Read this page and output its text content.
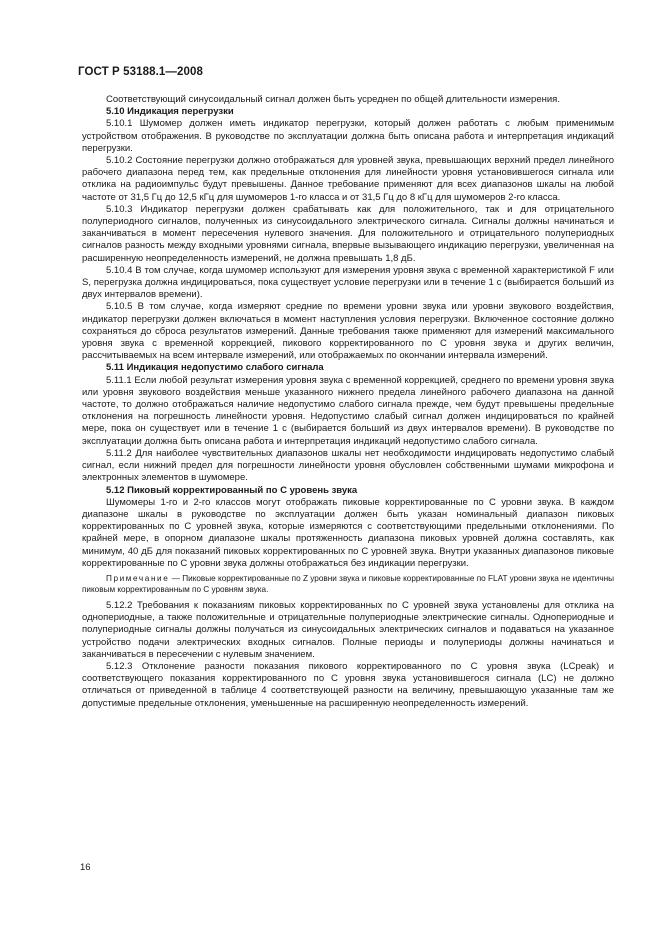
ГОСТ Р 53188.1—2008

Соответствующий синусоидальный сигнал должен быть усреднен по общей длительности измерения.

5.10 Индикация перегрузки

5.10.1 Шумомер должен иметь индикатор перегрузки, который должен работать с любым применимым устройством отображения. В руководстве по эксплуатации должна быть описана работа и интерпретация индикаций перегрузки.

5.10.2 Состояние перегрузки должно отображаться для уровней звука, превышающих верхний предел линейного рабочего диапазона перед тем, как предельные отклонения для линейности уровня установившегося сигнала или отклика на радиоимпульс будут превышены. Данное требование применяют для всех диапазонов шкалы на любой частоте от 31,5 Гц до 12,5 кГц для шумомеров 1-го класса и от 31,5 Гц до 8 кГц для шумомеров 2-го класса.

5.10.3 Индикатор перегрузки должен срабатывать как для положительного, так и для отрицательного полупериодного сигналов, полученных из синусоидального электрического сигнала. Сигналы должны начинаться и заканчиваться в момент пересечения нулевого значения. Для положительного и отрицательного полупериодных сигналов разность между входными уровнями сигнала, впервые вызывающего индикацию перегрузки, увеличенная на расширенную неопределенность измерений, не должна превышать 1,8 дБ.

5.10.4 В том случае, когда шумомер используют для измерения уровня звука с временной характеристикой F или S, перегрузка должна индицироваться, пока существует условие перегрузки или в течение 1 с (выбирается больший из двух интервалов времени).

5.10.5 В том случае, когда измеряют средние по времени уровни звука или уровни звукового воздействия, индикатор перегрузки должен включаться в момент наступления условия перегрузки. Включенное состояние должно сохраняться до сброса результатов измерений. Данные требования также применяют для измерений максимального уровня звука с временной коррекцией, пикового корректированного по C уровня звука и других величин, рассчитываемых на всем интервале измерений, или отображаемых по окончании интервала измерений.

5.11 Индикация недопустимо слабого сигнала

5.11.1 Если любой результат измерения уровня звука с временной коррекцией, среднего по времени уровня звука или уровня звукового воздействия меньше указанного нижнего предела линейного рабочего диапазона на данной частоте, то должно отображаться наличие недопустимо слабого сигнала прежде, чем будут превышены предельные отклонения на погрешность линейности уровня. Недопустимо слабый сигнал должен индицироваться по крайней мере, пока он существует или в течение 1 с (выбирается больший из двух интервалов времени). В руководстве по эксплуатации должна быть описана работа и интерпретация индикаций недопустимо слабого сигнала.

5.11.2 Для наиболее чувствительных диапазонов шкалы нет необходимости индицировать недопустимо слабый сигнал, если нижний предел для погрешности линейности уровня обусловлен собственными шумами микрофона и электронных элементов в шумомере.

5.12 Пиковый корректированный по C уровень звука

Шумомеры 1-го и 2-го классов могут отображать пиковые корректированные по C уровни звука. В каждом диапазоне шкалы в руководстве по эксплуатации должен быть указан номинальный диапазон пиковых корректированных по C уровней звука, которые измеряются с соответствующими предельными отклонениями. По крайней мере, в опорном диапазоне шкалы протяженность диапазона пиковых уровней должна составлять, как минимум, 40 дБ для показаний пиковых корректированных по C уровней звука. Внутри указанных диапазонов пиковые корректированные по C уровни звука должны отображаться без индикации перегрузки.

Примечание — Пиковые корректированные по Z уровни звука и пиковые корректированные по FLAT уровни звука не идентичны пиковым корректированным по C уровням звука.

5.12.2 Требования к показаниям пиковых корректированных по C уровней звука установлены для отклика на однопериодные, а также положительные и отрицательные полупериодные электрические сигналы. Однопериодные и полупериодные сигналы должны получаться из синусоидальных электрических сигналов и подаваться на указанное устройство подачи электрических входных сигналов. Полные периоды и полупериоды должны начинаться и заканчиваться в пересечении с нулевым значением.

5.12.3 Отклонение разности показания пикового корректированного по C уровня звука (LCpeak) и соответствующего показания корректированного по C уровня звука установившегося сигнала (LC) не должно отличаться от приведенной в таблице 4 соответствующей разности на величину, превышающую указанные там же допустимые предельные отклонения, уменьшенные на расширенную неопределенность измерений.

16
